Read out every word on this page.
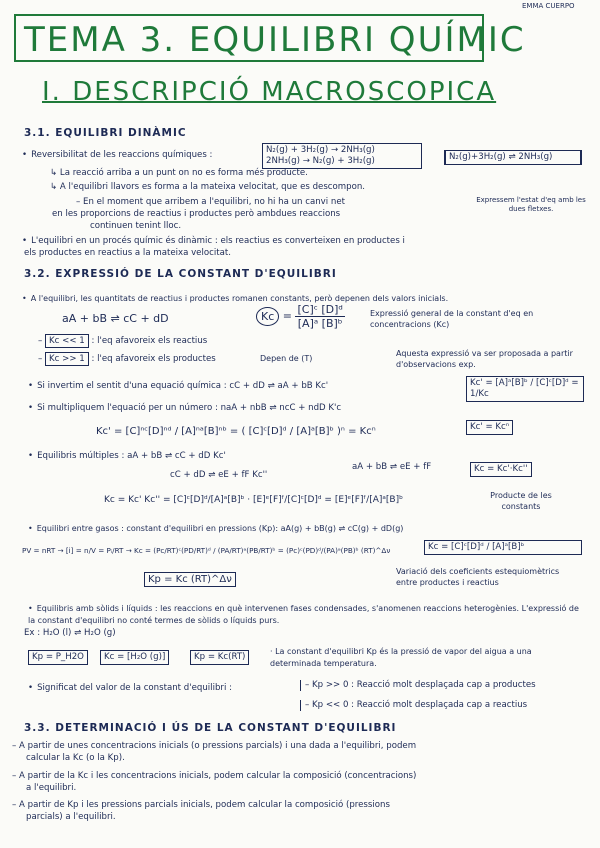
EMMA CUERPO
TEMA 3. EQUILIBRI QUÍMIC
I. DESCRIPCIÓ MACROSCOPICA
3.1. EQUILIBRI DINÀMIC
• Reversibilitat de les reaccions químiques :	N₂(g) + 3H₂(g) → 2NH₃(g)
2NH₃(g) → N₂(g) + 3H₂(g)	N₂(g)+3H₂(g) ⇌ 2NH₃(g)
Expressem l'estat d'eq amb les dues fletxes.
↳ La reacció arriba a un punt on no es forma més producte.
↳ A l'equilibri llavors es forma a la mateixa velocitat, que es descompon.
– En el moment que arribem a l'equilibri, no hi ha un canvi net
en les proporcions de reactius i productes però ambdues reaccions
continuen tenint lloc.
• L'equilibri en un procés químic és dinàmic : els reactius es converteixen en productes i
els productes en reactius a la mateixa velocitat.
3.2. EXPRESSIÓ DE LA CONSTANT D'EQUILIBRI
• A l'equilibri, les quantitats de reactius i productes romanen constants, però depenen dels valors inicials.
aA + bB ⇌ cC + dD	$Kc = \frac{\text{[C]ᶜ [D]ᵈ}}{\text{[A]ᵃ [B]ᵇ}}$	Expressió general de la constant d'eq en concentracions (Kc)
Depen de (T)
Aquesta expressió va ser proposada a partir d'observacions exp.
– Kc << 1 : l'eq afavoreix els reactius
– Kc >> 1 : l'eq afavoreix els productes
• Si invertim el sentit d'una equació química : cC + dD ⇌ aA + bB Kc'	Kc' = [A]ᵃ[B]ᵇ / [C]ᶜ[D]ᵈ = 1/Kc
• Si multipliquem l'equació per un número : naA + nbB ⇌ ncC + ndD K'c
Kc' = [C]ⁿᶜ[D]ⁿᵈ / [A]ⁿᵃ[B]ⁿᵇ = ( [C]ᶜ[D]ᵈ / [A]ᵃ[B]ᵇ )ⁿ = Kcⁿ	Kc' = Kcⁿ
• Equilibris múltiples : aA + bB ⇌ cC + dD Kc'
cC + dD ⇌ eE + fF Kc''
aA + bB ⇌ eE + fF	Kc = Kc'·Kc''
Kc = Kc' Kc'' = [C]ᶜ[D]ᵈ/[A]ᵃ[B]ᵇ · [E]ᵉ[F]ᶠ/[C]ᶜ[D]ᵈ = [E]ᵉ[F]ᶠ/[A]ᵃ[B]ᵇ	Producte de les constants
• Equilibri entre gasos : constant d'equilibri en pressions (Kp): aA(g) + bB(g) ⇌ cC(g) + dD(g)
PV = nRT → [i] = n/V = Pᵢ/RT → Kc = (Pc/RT)ᶜ(PD/RT)ᵈ / (PA/RT)ᵃ(PB/RT)ᵇ = (Pc)ᶜ(PD)ᵈ/(PA)ᵃ(PB)ᵇ (RT)^Δν	Kc = [C]ᶜ[D]ᵈ / [A]ᵃ[B]ᵇ
Kp = Kc (RT)^Δν
Variació dels coeficients estequiomètrics entre productes i reactius
• Equilibris amb sòlids i líquids : les reaccions en què intervenen fases condensades, s'anomenen reaccions heterogènies. L'expressió de la constant d'equilibri no conté termes de sòlids o líquids purs.
Ex : H₂O (l) ⇌ H₂O (g)
Kp = P_H2O	Kc = [H₂O (g)]	Kp = Kc(RT)
· La constant d'equilibri Kp és la pressió de vapor del aigua a una determinada temperatura.
• Significat del valor de la constant d'equilibri :	– Kp >> 0 : Reacció molt desplaçada cap a productes
– Kp << 0 : Reacció molt desplaçada cap a reactius
3.3. DETERMINACIÓ I ÚS DE LA CONSTANT D'EQUILIBRI
– A partir de unes concentracions inicials (o pressions parcials) i una dada a l'equilibri, podem
calcular la Kc (o la Kp).
– A partir de la Kc i les concentracions inicials, podem calcular la composició (concentracions)
a l'equilibri.
– A partir de Kp i les pressions parcials inicials, podem calcular la composició (pressions
parcials) a l'equilibri.
